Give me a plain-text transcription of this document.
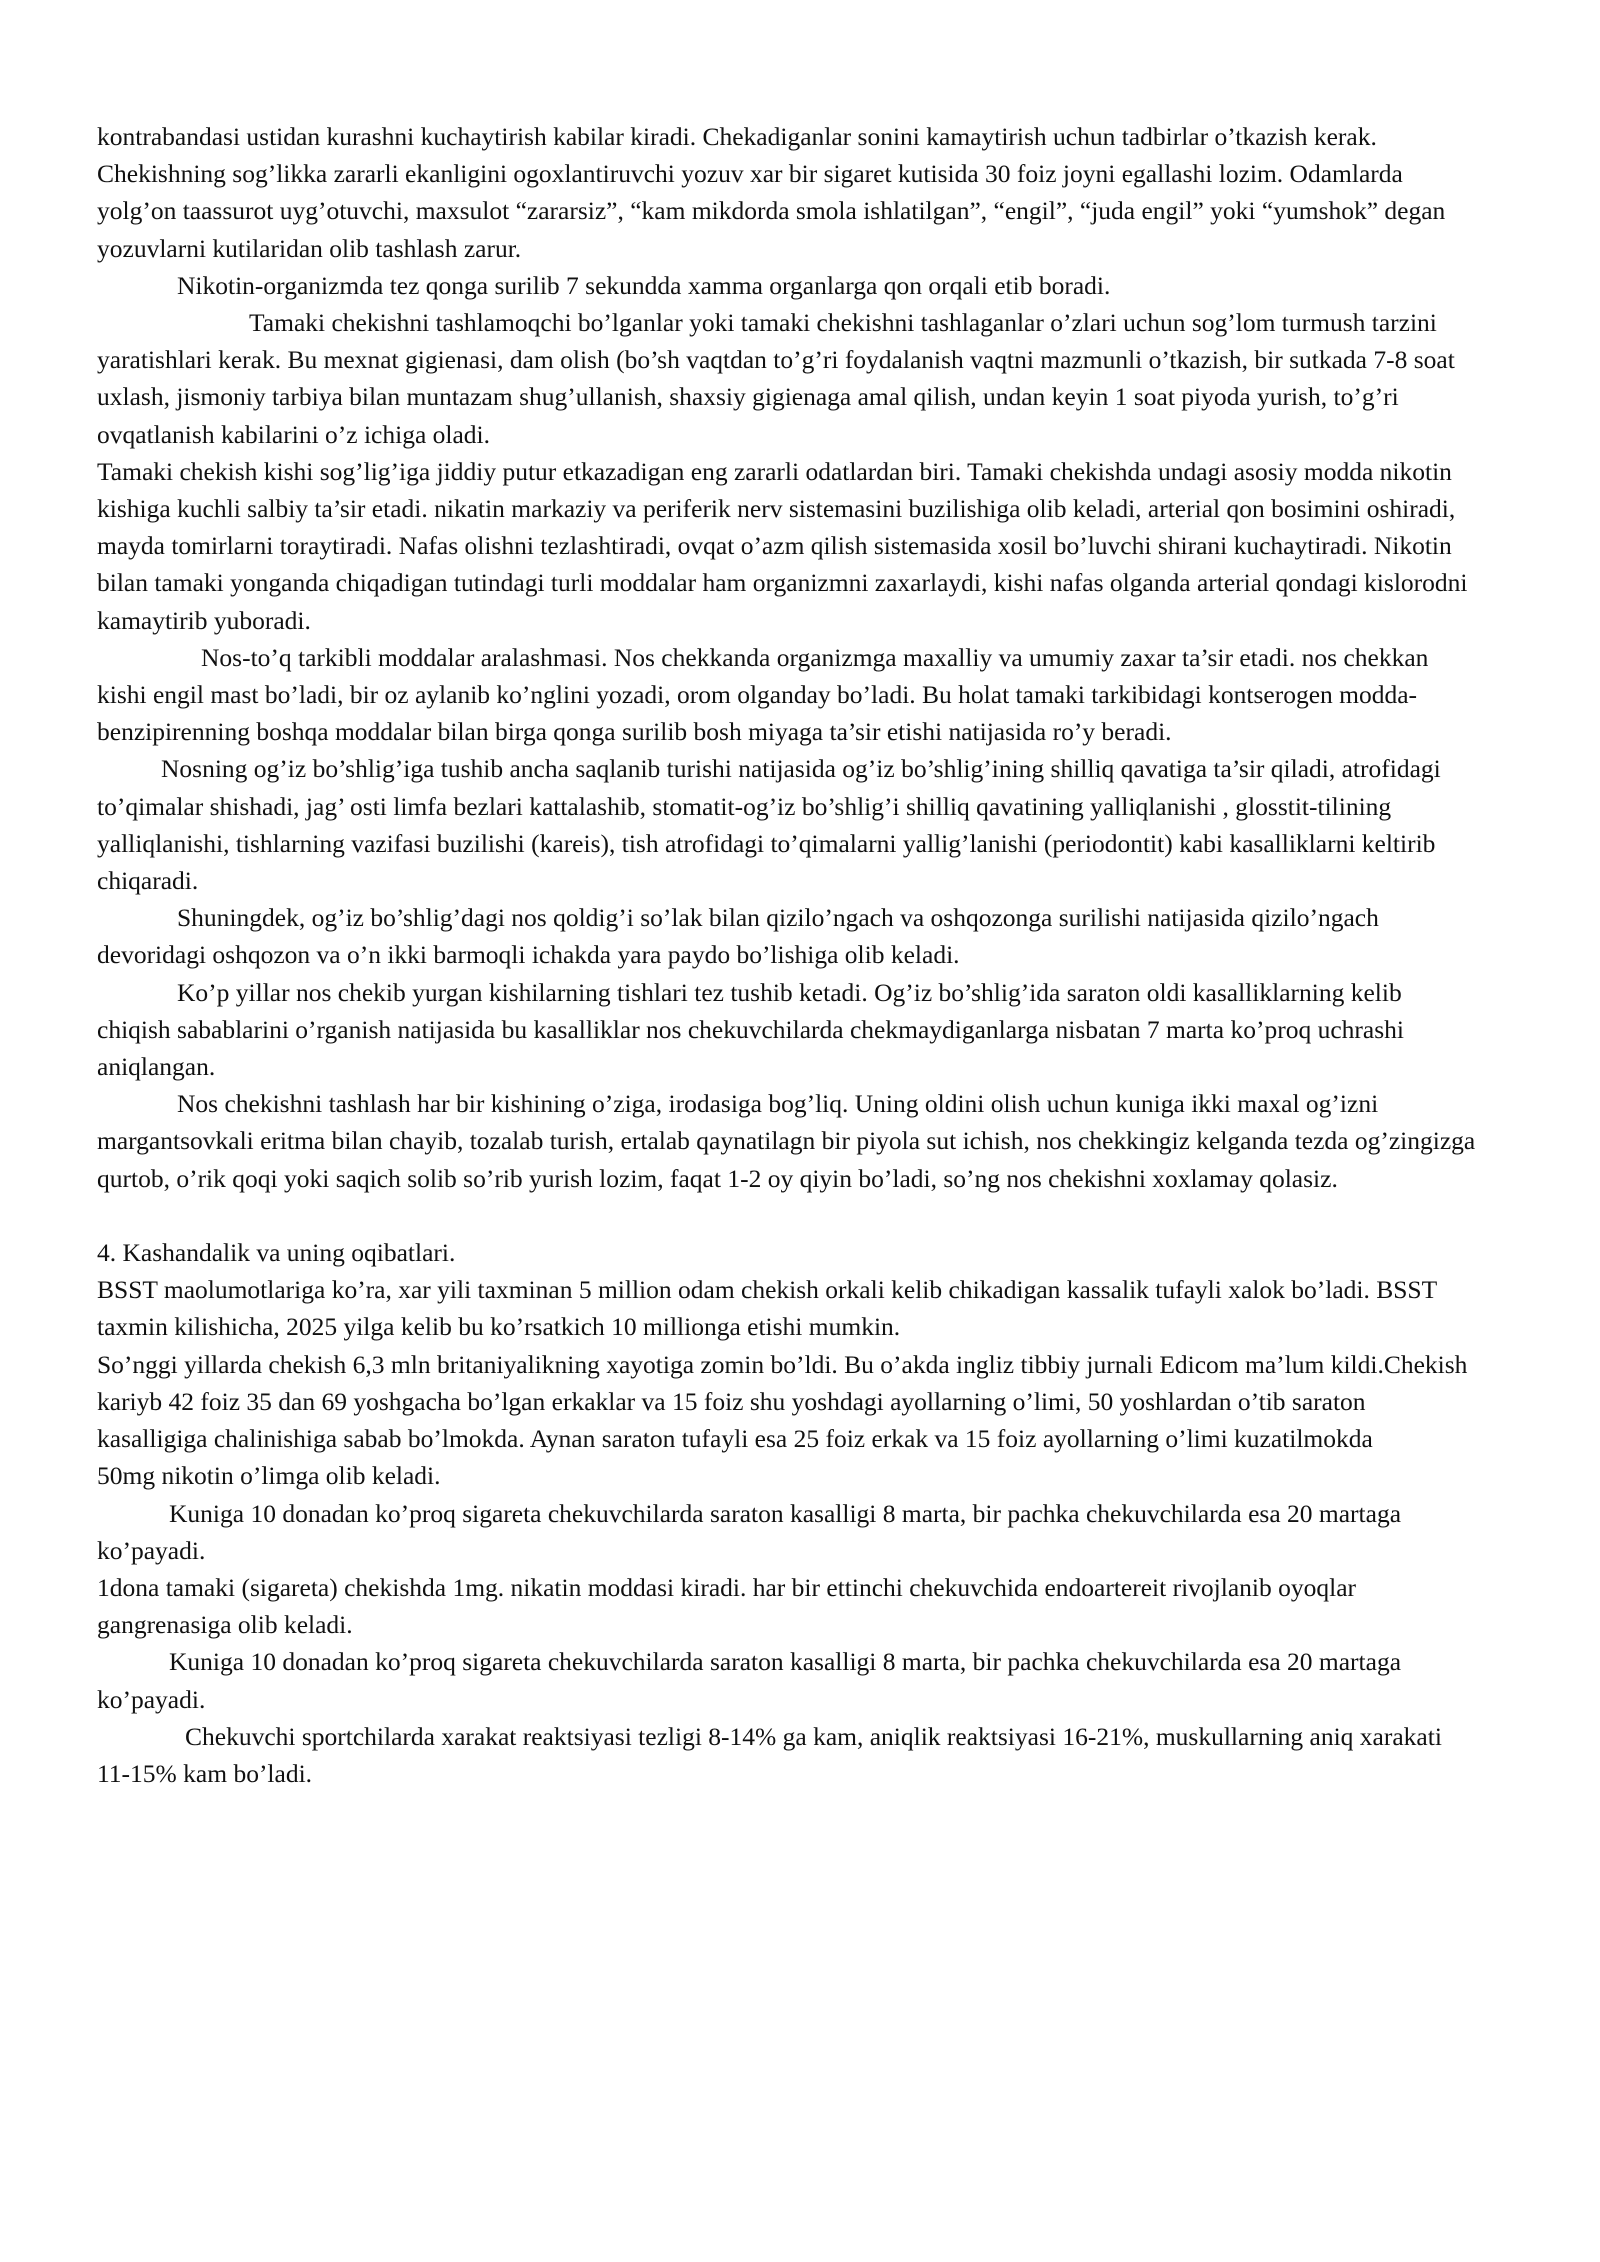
kontrabandasi ustidan kurashni kuchaytirish kabilar kiradi. Chekadiganlar sonini kamaytirish uchun tadbirlar o’tkazish kerak. Chekishning sog’likka zararli ekanligini ogoxlantiruvchi yozuv xar bir sigaret kutisida 30 foiz joyni egallashi lozim. Odamlarda yolg’on taassurot uyg’otuvchi, maxsulot “zararsiz”, “kam mikdorda smola ishlatilgan”, “engil”, “juda engil” yoki “yumshok” degan yozuvlarni kutilaridan olib tashlash zarur.

Nikotin-organizmda tez qonga surilib 7 sekundda xamma organlarga qon orqali etib boradi.

Tamaki chekishni tashlamoqchi bo’lganlar yoki tamaki chekishni tashlaganlar o’zlari uchun sog’lom turmush tarzini yaratishlari kerak. Bu mexnat gigienasi, dam olish (bo’sh vaqtdan to’g’ri foydalanish vaqtni mazmunli o’tkazish, bir sutkada 7-8 soat uxlash, jismoniy tarbiya bilan muntazam shug’ullanish, shaxsiy gigienaga amal qilish, undan keyin 1 soat piyoda yurish, to’g’ri ovqatlanish kabilarini o’z ichiga oladi.

Tamaki chekish kishi sog’lig’iga jiddiy putur etkazadigan eng zararli odatlardan biri. Tamaki chekishda undagi asosiy modda nikotin kishiga kuchli salbiy ta’sir etadi. nikatin markaziy va periferik nerv sistemasini buzilishiga olib keladi, arterial qon bosimini oshiradi, mayda tomirlarni toraytiradi. Nafas olishni tezlashtiradi, ovqat o’azm qilish sistemasida xosil bo’luvchi shirani kuchaytiradi. Nikotin bilan tamaki yonganda chiqadigan tutindagi turli moddalar ham organizmni zaxarlaydi, kishi nafas olganda arterial qondagi kislorodni kamaytirib yuboradi.

Nos-to’q tarkibli moddalar aralashmasi. Nos chekkanda organizmga maxalliy va umumiy zaxar ta’sir etadi. nos chekkan kishi engil mast bo’ladi, bir oz aylanib ko’nglini yozadi, orom olganday bo’ladi. Bu holat tamaki tarkibidagi kontserogen modda-benzipirenning boshqa moddalar bilan birga qonga surilib bosh miyaga ta’sir etishi natijasida ro’y beradi.

Nosning og’iz bo’shlig’iga tushib ancha saqlanib turishi natijasida og’iz bo’shlig’ining shilliq qavatiga ta’sir qiladi, atrofidagi to’qimalar shishadi, jag’ osti limfa bezlari kattalashib, stomatit-og’iz bo’shlig’i shilliq qavatining yalliqlanishi , glosstit-tilining yalliqlanishi, tishlarning vazifasi buzilishi (kareis), tish atrofidagi to’qimalarni yallig’lanishi (periodontit) kabi kasalliklarni keltirib chiqaradi.

Shuningdek, og’iz bo’shlig’dagi nos qoldig’i so’lak bilan qizilo’ngach va oshqozonga surilishi natijasida qizilo’ngach devoridagi oshqozon va o’n ikki barmoqli ichakda yara paydo bo’lishiga olib keladi.

Ko’p yillar nos chekib yurgan kishilarning tishlari tez tushib ketadi. Og’iz bo’shlig’ida saraton oldi kasalliklarning kelib chiqish sabablarini o’rganish natijasida bu kasalliklar nos chekuvchilarda chekmaydiganlarga nisbatan 7 marta ko’proq uchrashi aniqlangan.

Nos chekishni tashlash har bir kishining o’ziga, irodasiga bog’liq. Uning oldini olish uchun kuniga ikki maxal og’izni margantsovkali eritma bilan chayib, tozalab turish, ertalab qaynatilagn bir piyola sut ichish, nos chekkingiz kelganda tezda og’zingizga qurtob, o’rik qoqi yoki saqich solib so’rib yurish lozim, faqat 1-2 oy qiyin bo’ladi, so’ng nos chekishni xoxlamay qolasiz.

4. Kashandalik va uning oqibatlari.

BSST maolumotlariga ko’ra, xar yili taxminan 5 million odam chekish orkali kelib chikadigan kassalik tufayli xalok bo’ladi. BSST taxmin kilishicha, 2025 yilga kelib bu ko’rsatkich 10 millionga etishi mumkin.

So’nggi yillarda chekish 6,3 mln britaniyalikning xayotiga zomin bo’ldi. Bu o’akda ingliz tibbiy jurnali Edicom ma’lum kildi.Chekish kariyb 42 foiz 35 dan 69 yoshgacha bo’lgan erkaklar va 15 foiz shu yoshdagi ayollarning o’limi, 50 yoshlardan o’tib saraton kasalligiga chalinishiga sabab bo’lmokda. Aynan saraton tufayli esa 25 foiz erkak va 15 foiz ayollarning o’limi kuzatilmokda

50mg nikotin o’limga olib keladi.

Kuniga 10 donadan ko’proq sigareta chekuvchilarda saraton kasalligi 8 marta, bir pachka chekuvchilarda esa 20 martaga ko’payadi.

1dona tamaki (sigareta) chekishda 1mg. nikatin moddasi kiradi. har bir ettinchi chekuvchida endoartereit rivojlanib oyoqlar gangrenasiga olib keladi.

Kuniga 10 donadan ko’proq sigareta chekuvchilarda saraton kasalligi 8 marta, bir pachka chekuvchilarda esa 20 martaga ko’payadi.

Chekuvchi sportchilarda xarakat reaktsiyasi tezligi 8-14% ga kam, aniqlik reaktsiyasi 16-21%, muskullarning aniq xarakati 11-15% kam bo’ladi.
